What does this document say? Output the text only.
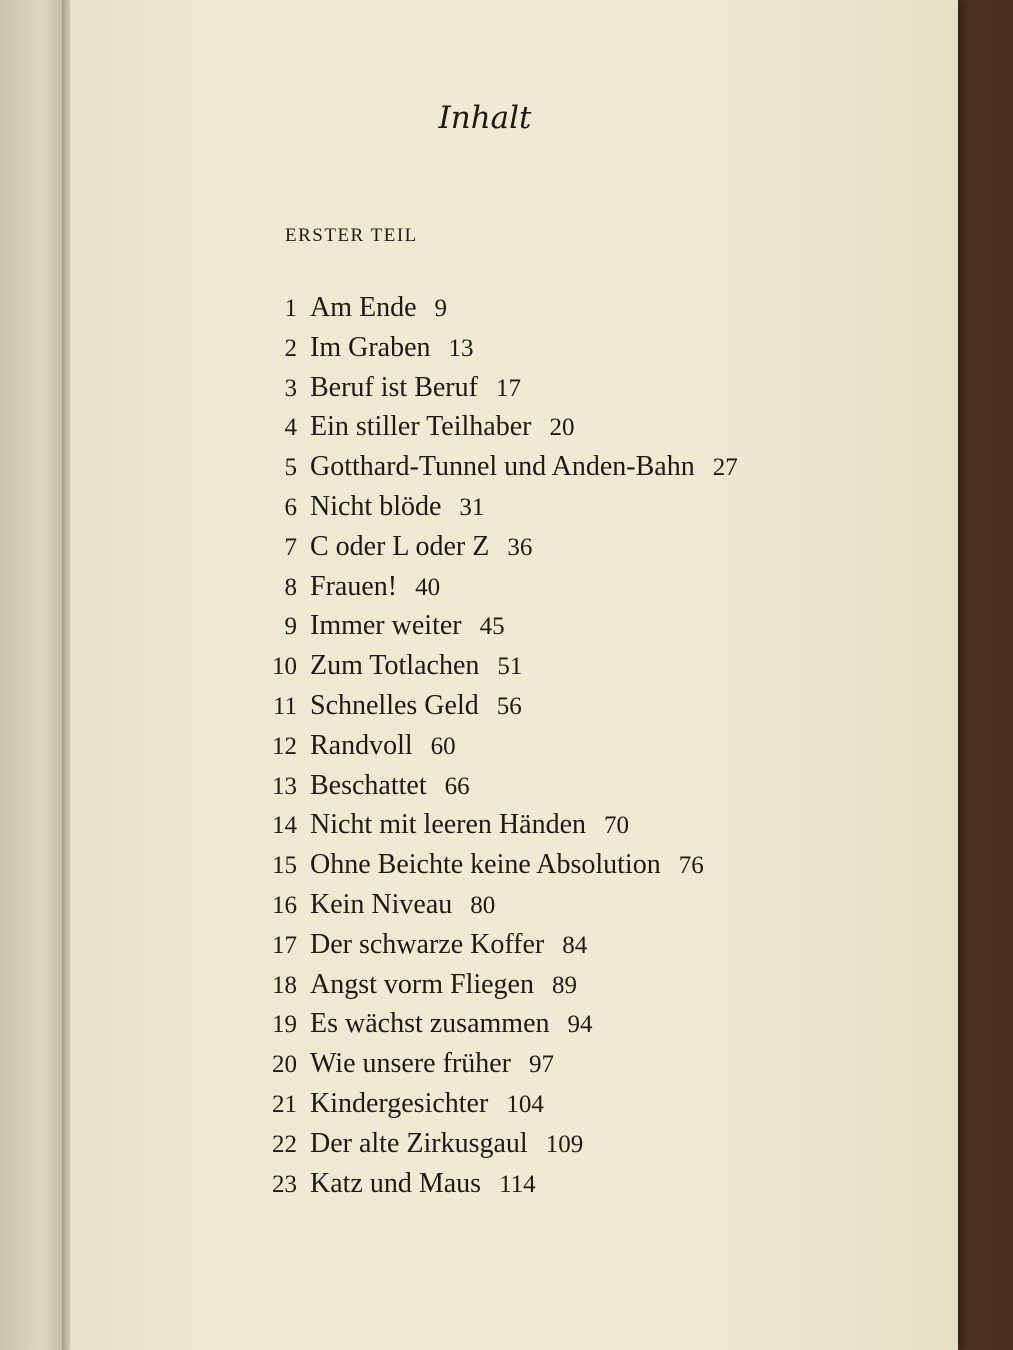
Inhalt
ERSTER TEIL
1 Am Ende 9
2 Im Graben 13
3 Beruf ist Beruf 17
4 Ein stiller Teilhaber 20
5 Gotthard-Tunnel und Anden-Bahn 27
6 Nicht blöde 31
7 C oder L oder Z 36
8 Frauen! 40
9 Immer weiter 45
10 Zum Totlachen 51
11 Schnelles Geld 56
12 Randvoll 60
13 Beschattet 66
14 Nicht mit leeren Händen 70
15 Ohne Beichte keine Absolution 76
16 Kein Niveau 80
17 Der schwarze Koffer 84
18 Angst vorm Fliegen 89
19 Es wächst zusammen 94
20 Wie unsere früher 97
21 Kindergesichter 104
22 Der alte Zirkusgaul 109
23 Katz und Maus 114
